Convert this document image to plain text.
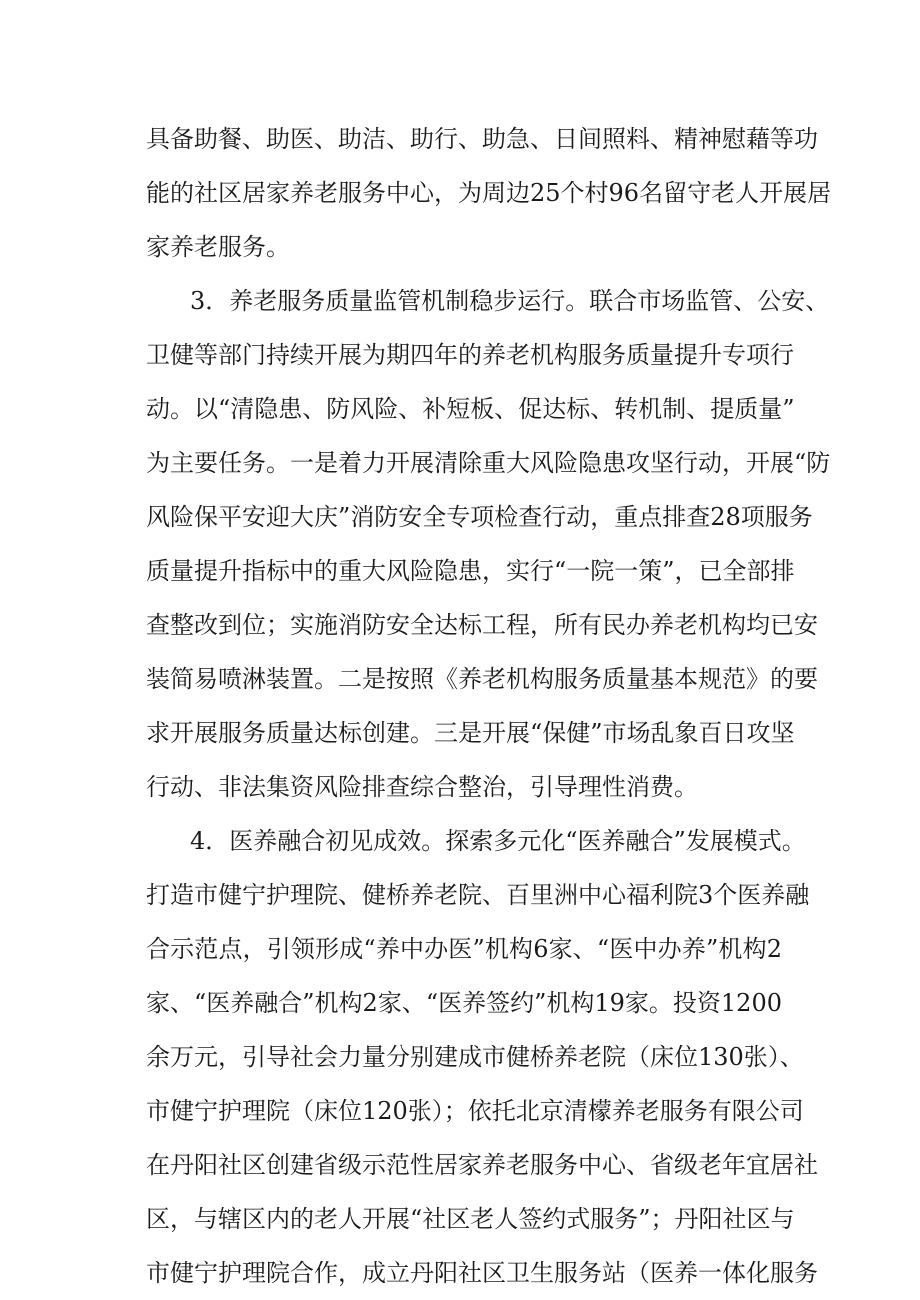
具备助餐、助医、助洁、助行、助急、日间照料、精神慰藉等功
能的社区居家养老服务中心，为周边25个村96名留守老人开展居
家养老服务。
3．养老服务质量监管机制稳步运行。联合市场监管、公安、
卫健等部门持续开展为期四年的养老机构服务质量提升专项行
动。以“清隐患、防风险、补短板、促达标、转机制、提质量”
为主要任务。一是着力开展清除重大风险隐患攻坚行动，开展“防
风险保平安迎大庆”消防安全专项检查行动，重点排查28项服务
质量提升指标中的重大风险隐患，实行“一院一策”，已全部排
查整改到位；实施消防安全达标工程，所有民办养老机构均已安
装简易喷淋装置。二是按照《养老机构服务质量基本规范》的要
求开展服务质量达标创建。三是开展“保健”市场乱象百日攻坚
行动、非法集资风险排查综合整治，引导理性消费。
4．医养融合初见成效。探索多元化“医养融合”发展模式。
打造市健宁护理院、健桥养老院、百里洲中心福利院3个医养融
合示范点，引领形成“养中办医”机构6家、“医中办养”机构2
家、“医养融合”机构2家、“医养签约”机构19家。投资1200
余万元，引导社会力量分别建成市健桥养老院（床位130张）、
市健宁护理院（床位120张）；依托北京清檬养老服务有限公司
在丹阳社区创建省级示范性居家养老服务中心、省级老年宜居社
区，与辖区内的老人开展“社区老人签约式服务”；丹阳社区与
市健宁护理院合作，成立丹阳社区卫生服务站（医养一体化服务
